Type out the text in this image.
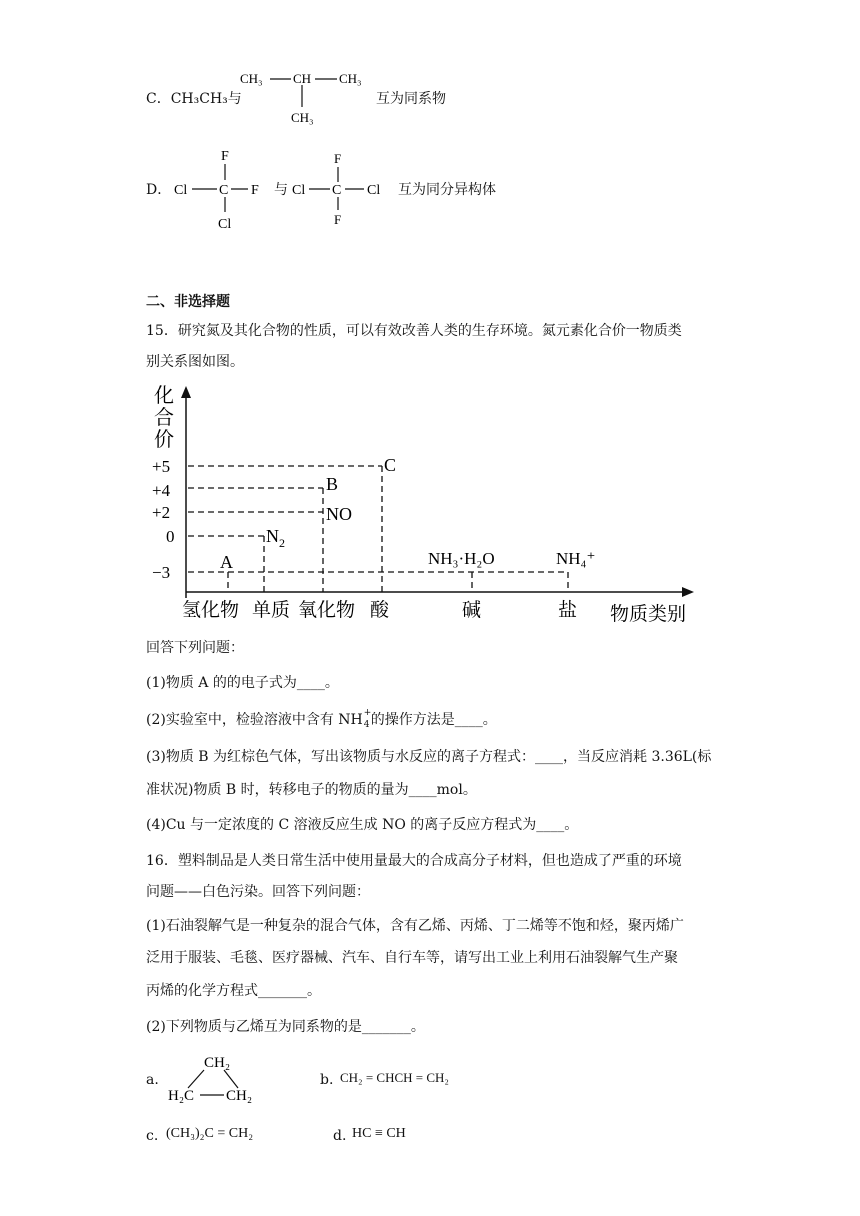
C．CH₃CH₃与
CH₃ CH CH₃
CH₃
互为同系物
D．
F
Cl C F
Cl
与
F
Cl C Cl
F
互为同分异构体
二、非选择题
15．研究氮及其化合物的性质，可以有效改善人类的生存环境。氮元素化合价一物质类
别关系图如图。
化
合
价
+5
+4
+2
0
−3
C
B
NO
$N_2$
A	NH₃·H₂O	NH₄⁺
氢化物 单质 氧化物 酸	碱	盐 物质类别
回答下列问题：
(1)物质 A 的的电子式为____。
(2)实验室中，检验溶液中含有 NH +
4 的操作方法是____。
(3)物质 B 为红棕色气体，写出该物质与水反应的离子方程式：____，当反应消耗 3.36L(标
准状况)物质 B 时，转移电子的物质的量为____mol。
(4)Cu 与一定浓度的 C 溶液反应生成 NO 的离子反应方程式为____。
16．塑料制品是人类日常生活中使用量最大的合成高分子材料，但也造成了严重的环境
问题——白色污染。回答下列问题：
(1)石油裂解气是一种复杂的混合气体，含有乙烯、丙烯、丁二烯等不饱和烃，聚丙烯广
泛用于服装、毛毯、医疗器械、汽车、自行车等，请写出工业上利用石油裂解气生产聚
丙烯的化学方程式_______。
(2)下列物质与乙烯互为同系物的是_______。
a.
CH₂
H₂C CH₂
b. CH₂ = CHCH = CH₂
c. (CH₃)₂C = CH₂	d. HC ≡ CH
